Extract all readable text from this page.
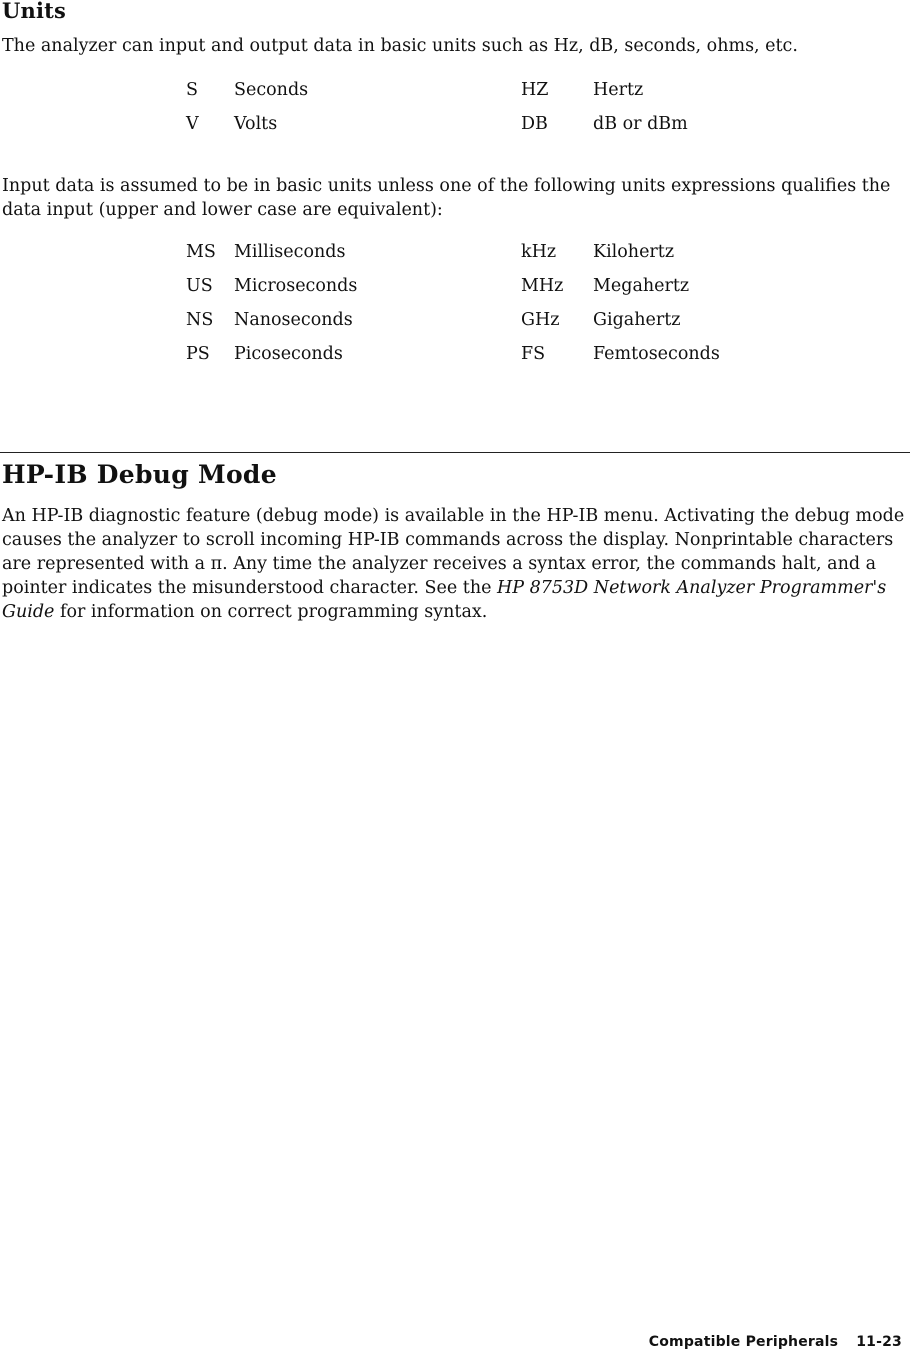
Units

The analyzer can input and output data in basic units such as Hz, dB, seconds, ohms, etc.

S Seconds	HZ	Hertz
V Volts	DB	dB or dBm

Input data is assumed to be in basic units unless one of the following units expressions qualifies the data input (upper and lower case are equivalent):

MS Milliseconds	kHz Kilohertz
US Microseconds	MHz Megahertz
NS Nanoseconds	GHz Gigahertz
PS Picoseconds	FS	Femtoseconds
HP-IB Debug Mode

An HP-IB diagnostic feature (debug mode) is available in the HP-IB menu. Activating the debug mode causes the analyzer to scroll incoming HP-IB commands across the display. Nonprintable characters are represented with a π. Any time the analyzer receives a syntax error, the commands halt, and a pointer indicates the misunderstood character. See the HP 8753D Network Analyzer Programmer's Guide for information on correct programming syntax.

Compatible Peripherals 11-23
